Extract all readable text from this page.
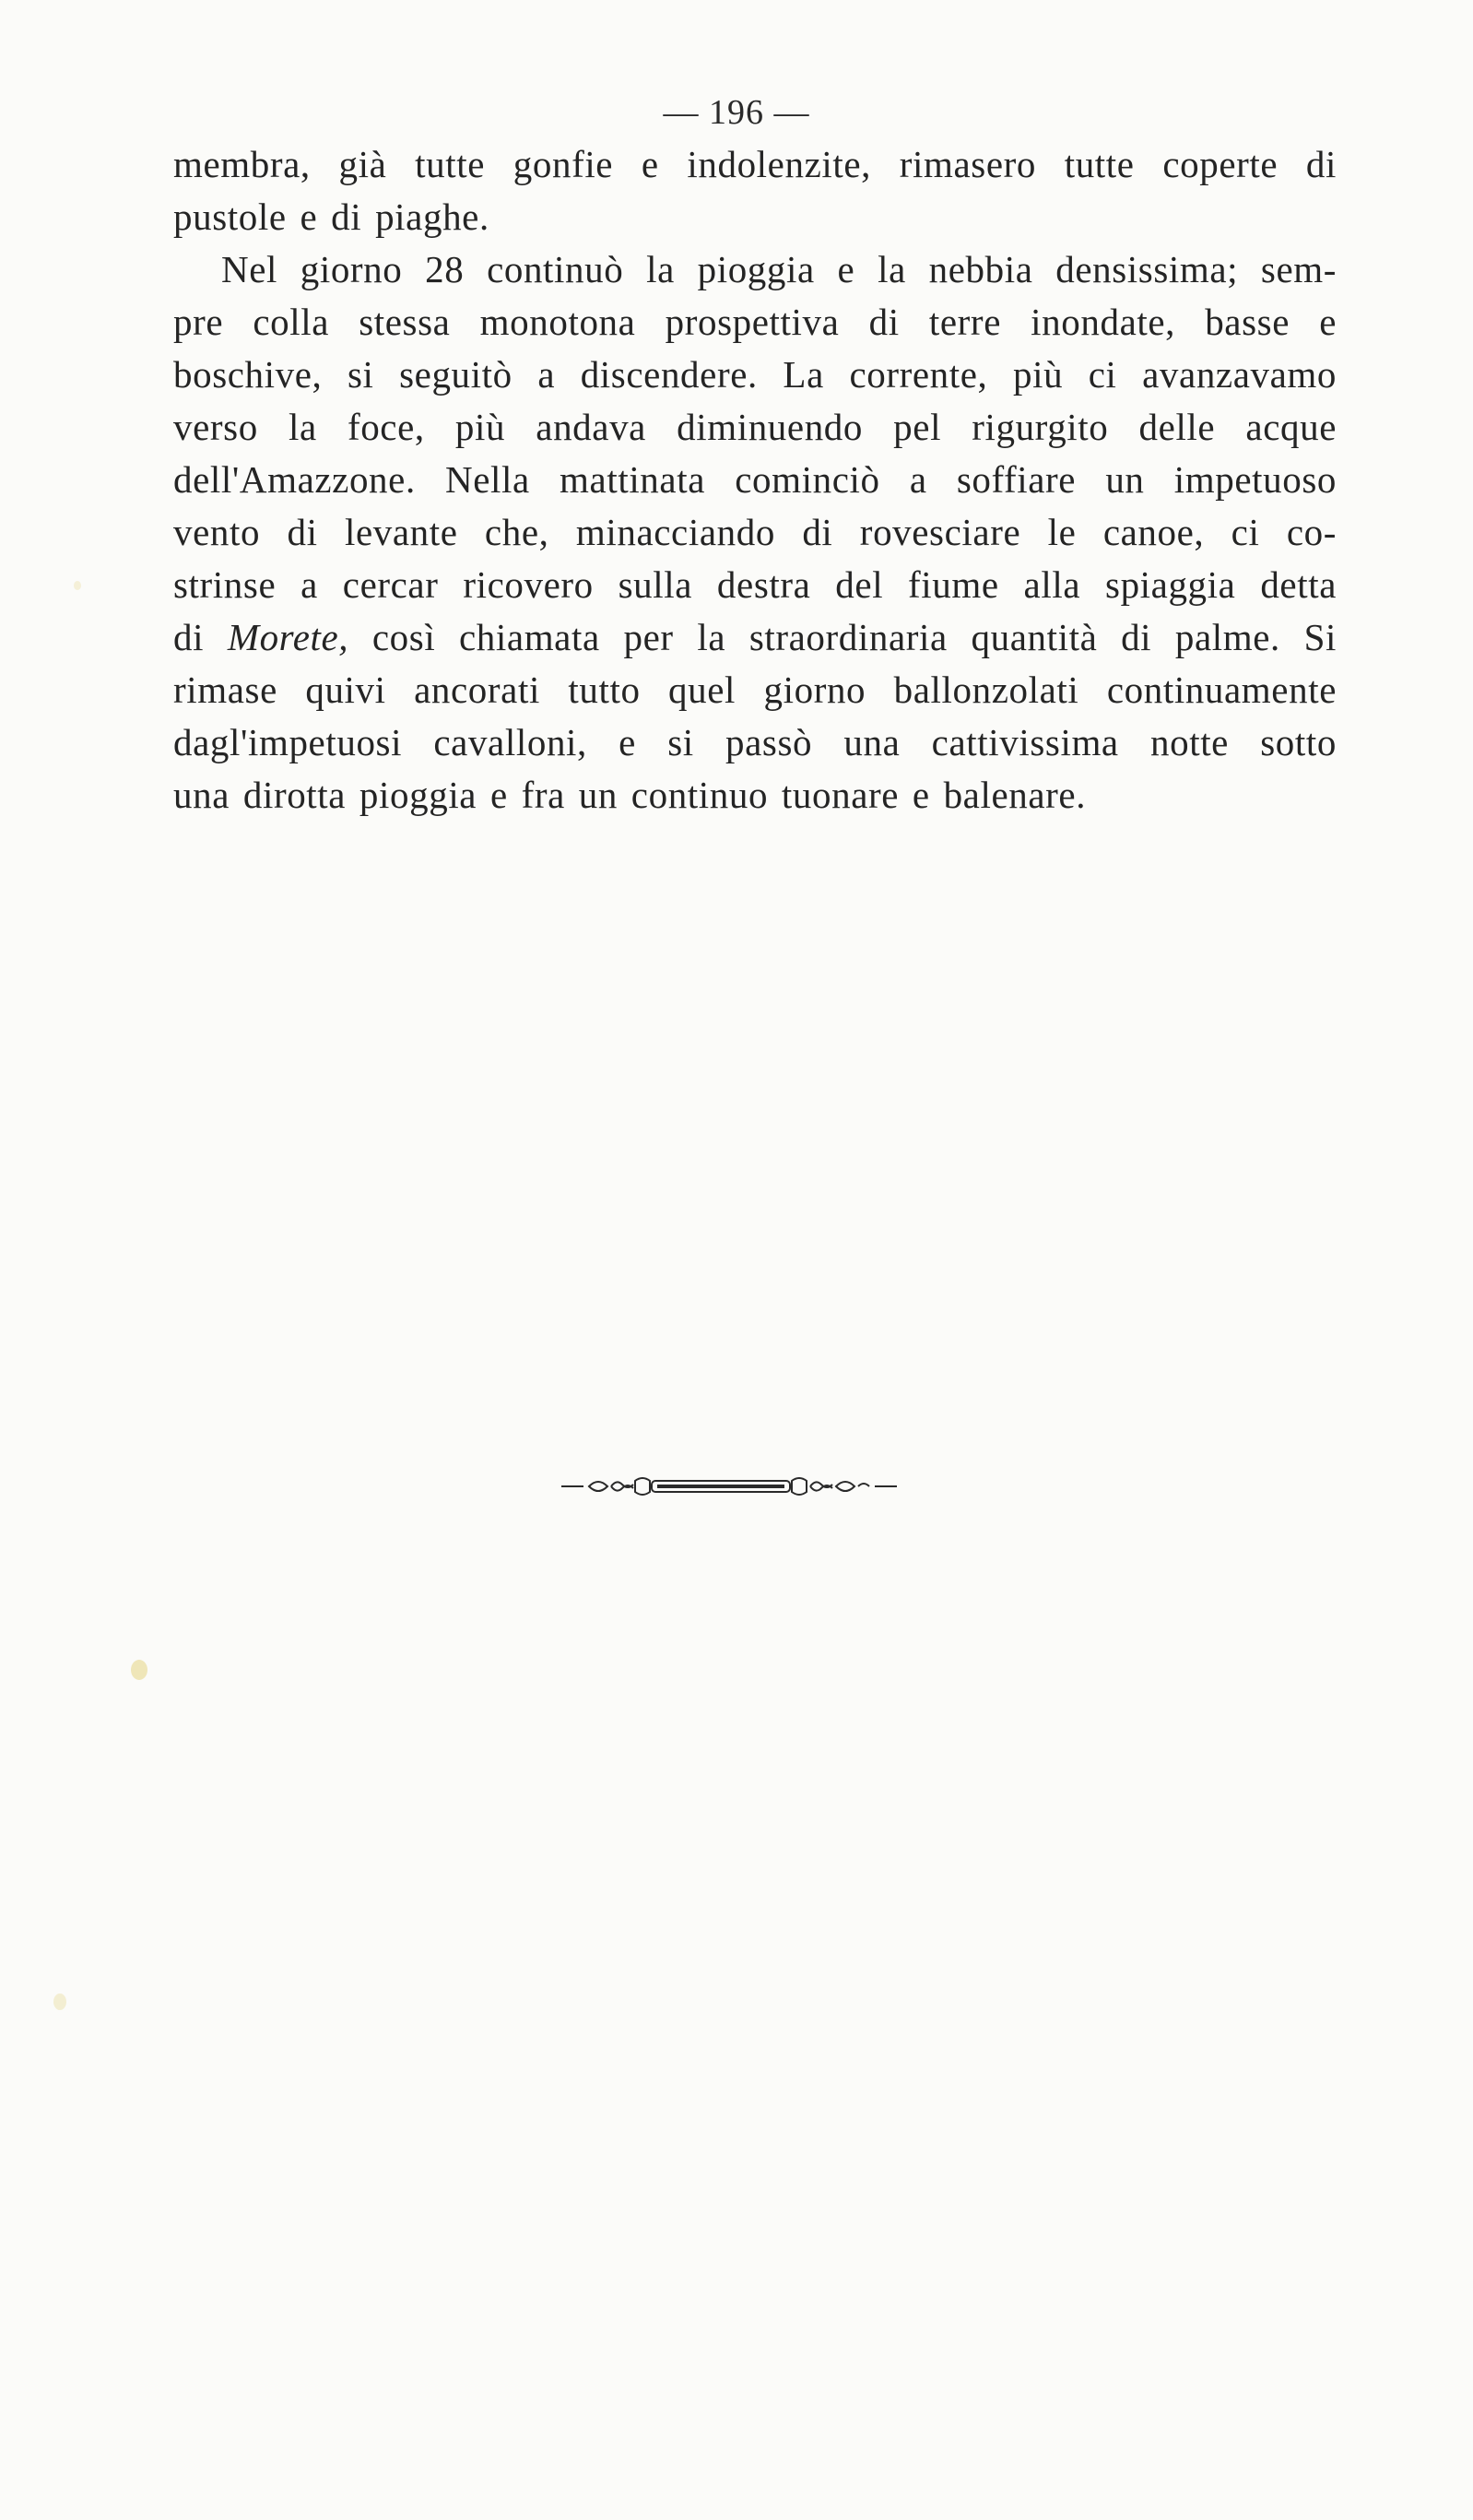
— 196 —
membra, già tutte gonfie e indolenzite, rimasero tutte coperte di
pustole e di piaghe.
Nel giorno 28 continuò la pioggia e la nebbia densissima; sem-
pre colla stessa monotona prospettiva di terre inondate, basse e
boschive, si seguitò a discendere. La corrente, più ci avanzavamo
verso la foce, più andava diminuendo pel rigurgito delle acque
dell'Amazzone. Nella mattinata cominciò a soffiare un impetuoso
vento di levante che, minacciando di rovesciare le canoe, ci co-
strinse a cercar ricovero sulla destra del fiume alla spiaggia detta
di Morete, così chiamata per la straordinaria quantità di palme. Si
rimase quivi ancorati tutto quel giorno ballonzolati continuamente
dagl'impetuosi cavalloni, e si passò una cattivissima notte sotto
una dirotta pioggia e fra un continuo tuonare e balenare.
